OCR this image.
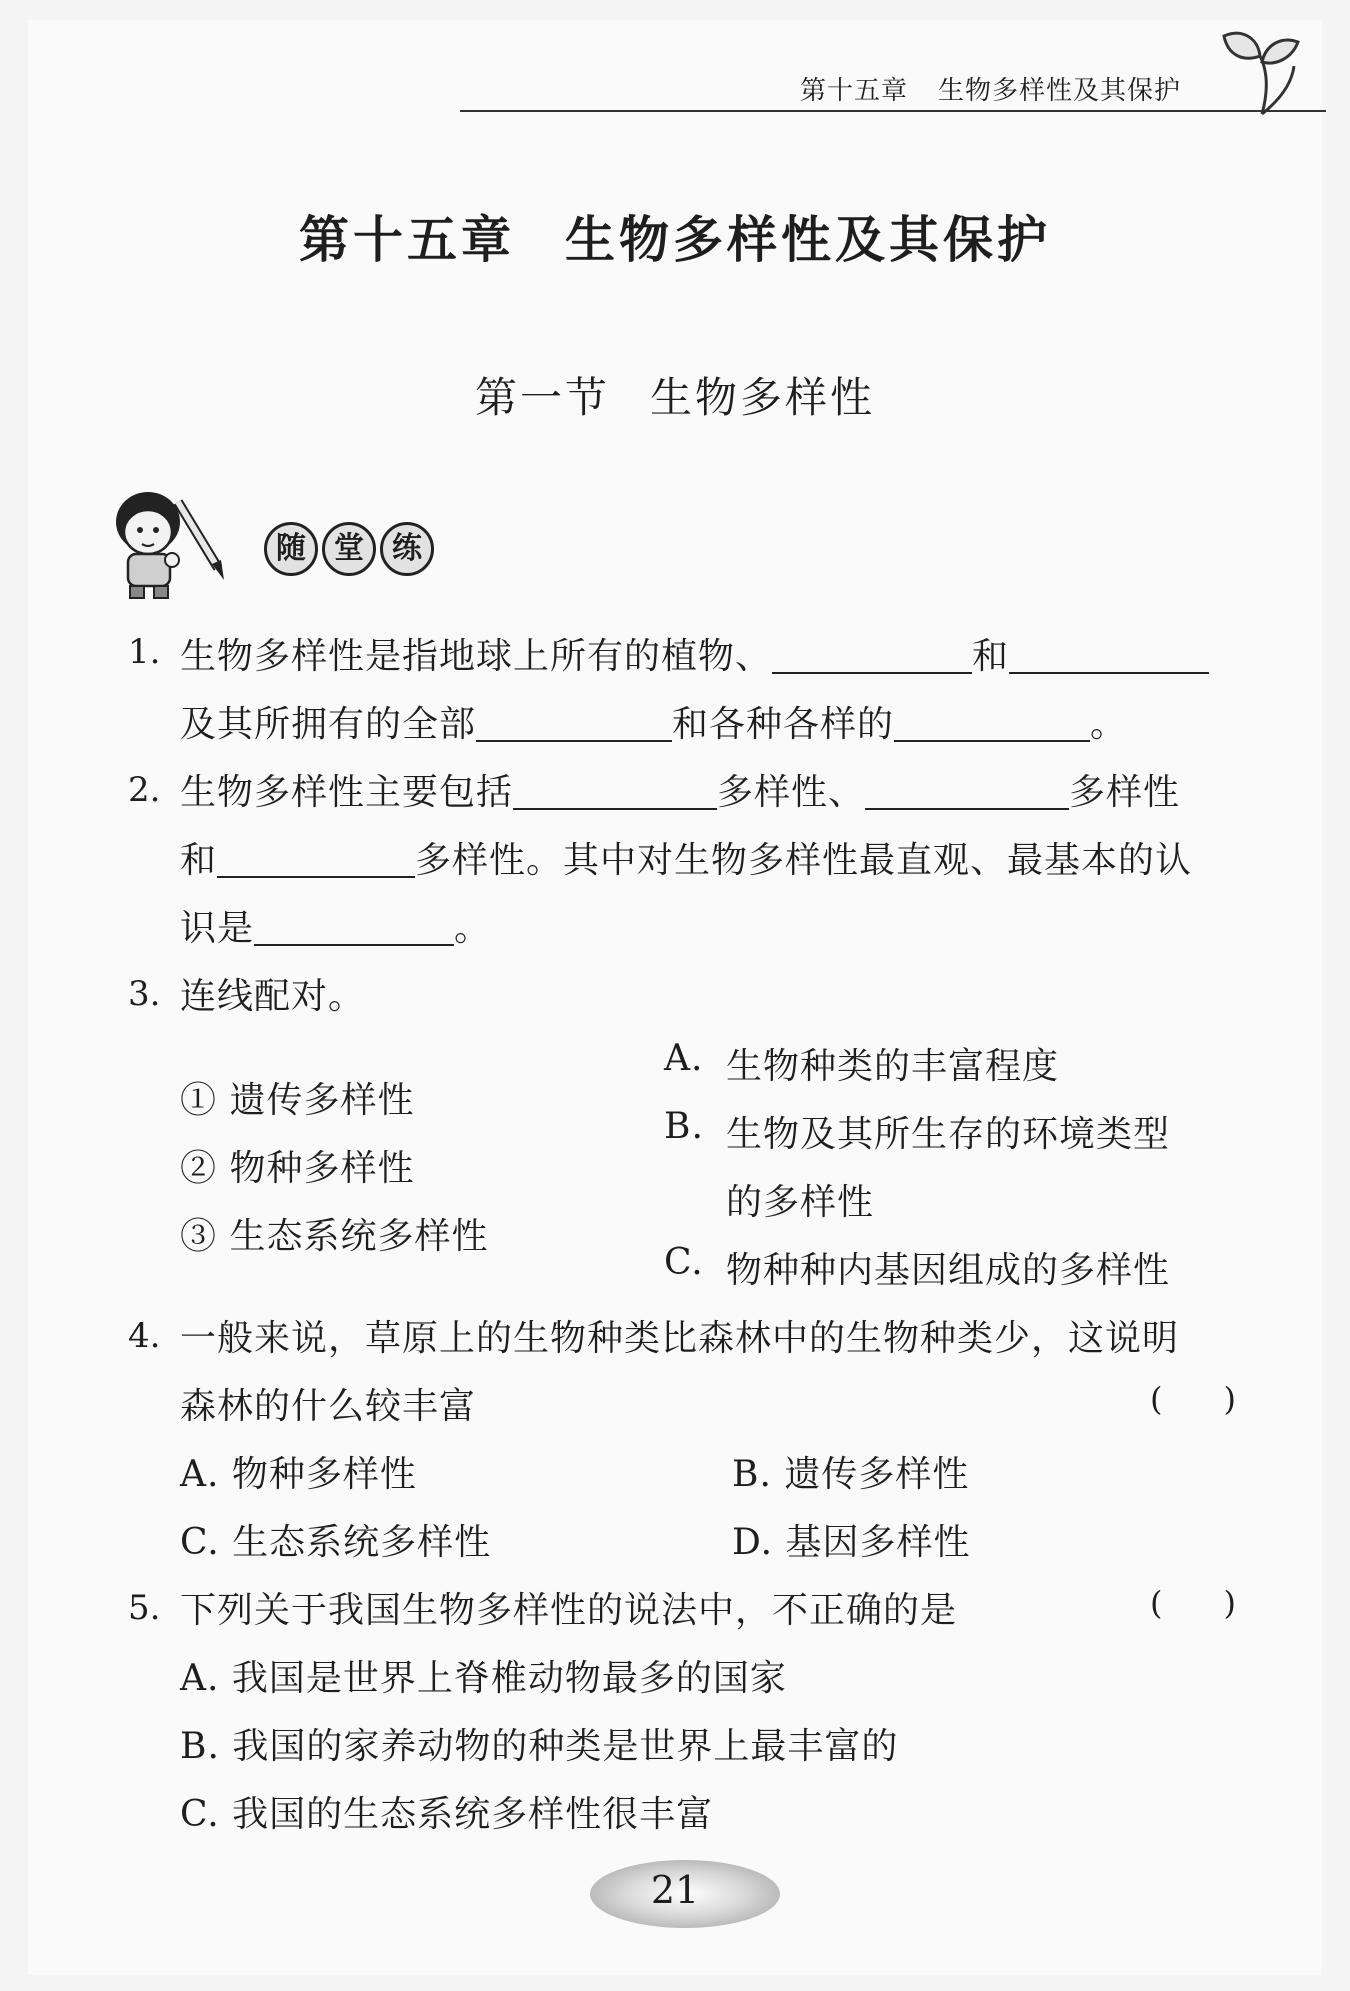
第十五章 生物多样性及其保护
第十五章 生物多样性及其保护
第一节 生物多样性
随 堂 练
1. 生物多样性是指地球上所有的植物、	和
及其所拥有的全部	和各种各样的	。
2. 生物多样性主要包括	多样性、	多样性
和	多样性。其中对生物多样性最直观、最基本的认
识是	。
3. 连线配对。
① 遗传多样性
② 物种多样性
③ 生态系统多样性
A. 生物种类的丰富程度
B. 生物及其所生存的环境类型
的多样性
C. 物种种内基因组成的多样性
4. 一般来说，草原上的生物种类比森林中的生物种类少，这说明
森林的什么较丰富	(      )
A. 物种多样性	B. 遗传多样性
C. 生态系统多样性	D. 基因多样性
5. 下列关于我国生物多样性的说法中，不正确的是	(      )
A. 我国是世界上脊椎动物最多的国家
B. 我国的家养动物的种类是世界上最丰富的
C. 我国的生态系统多样性很丰富
21
